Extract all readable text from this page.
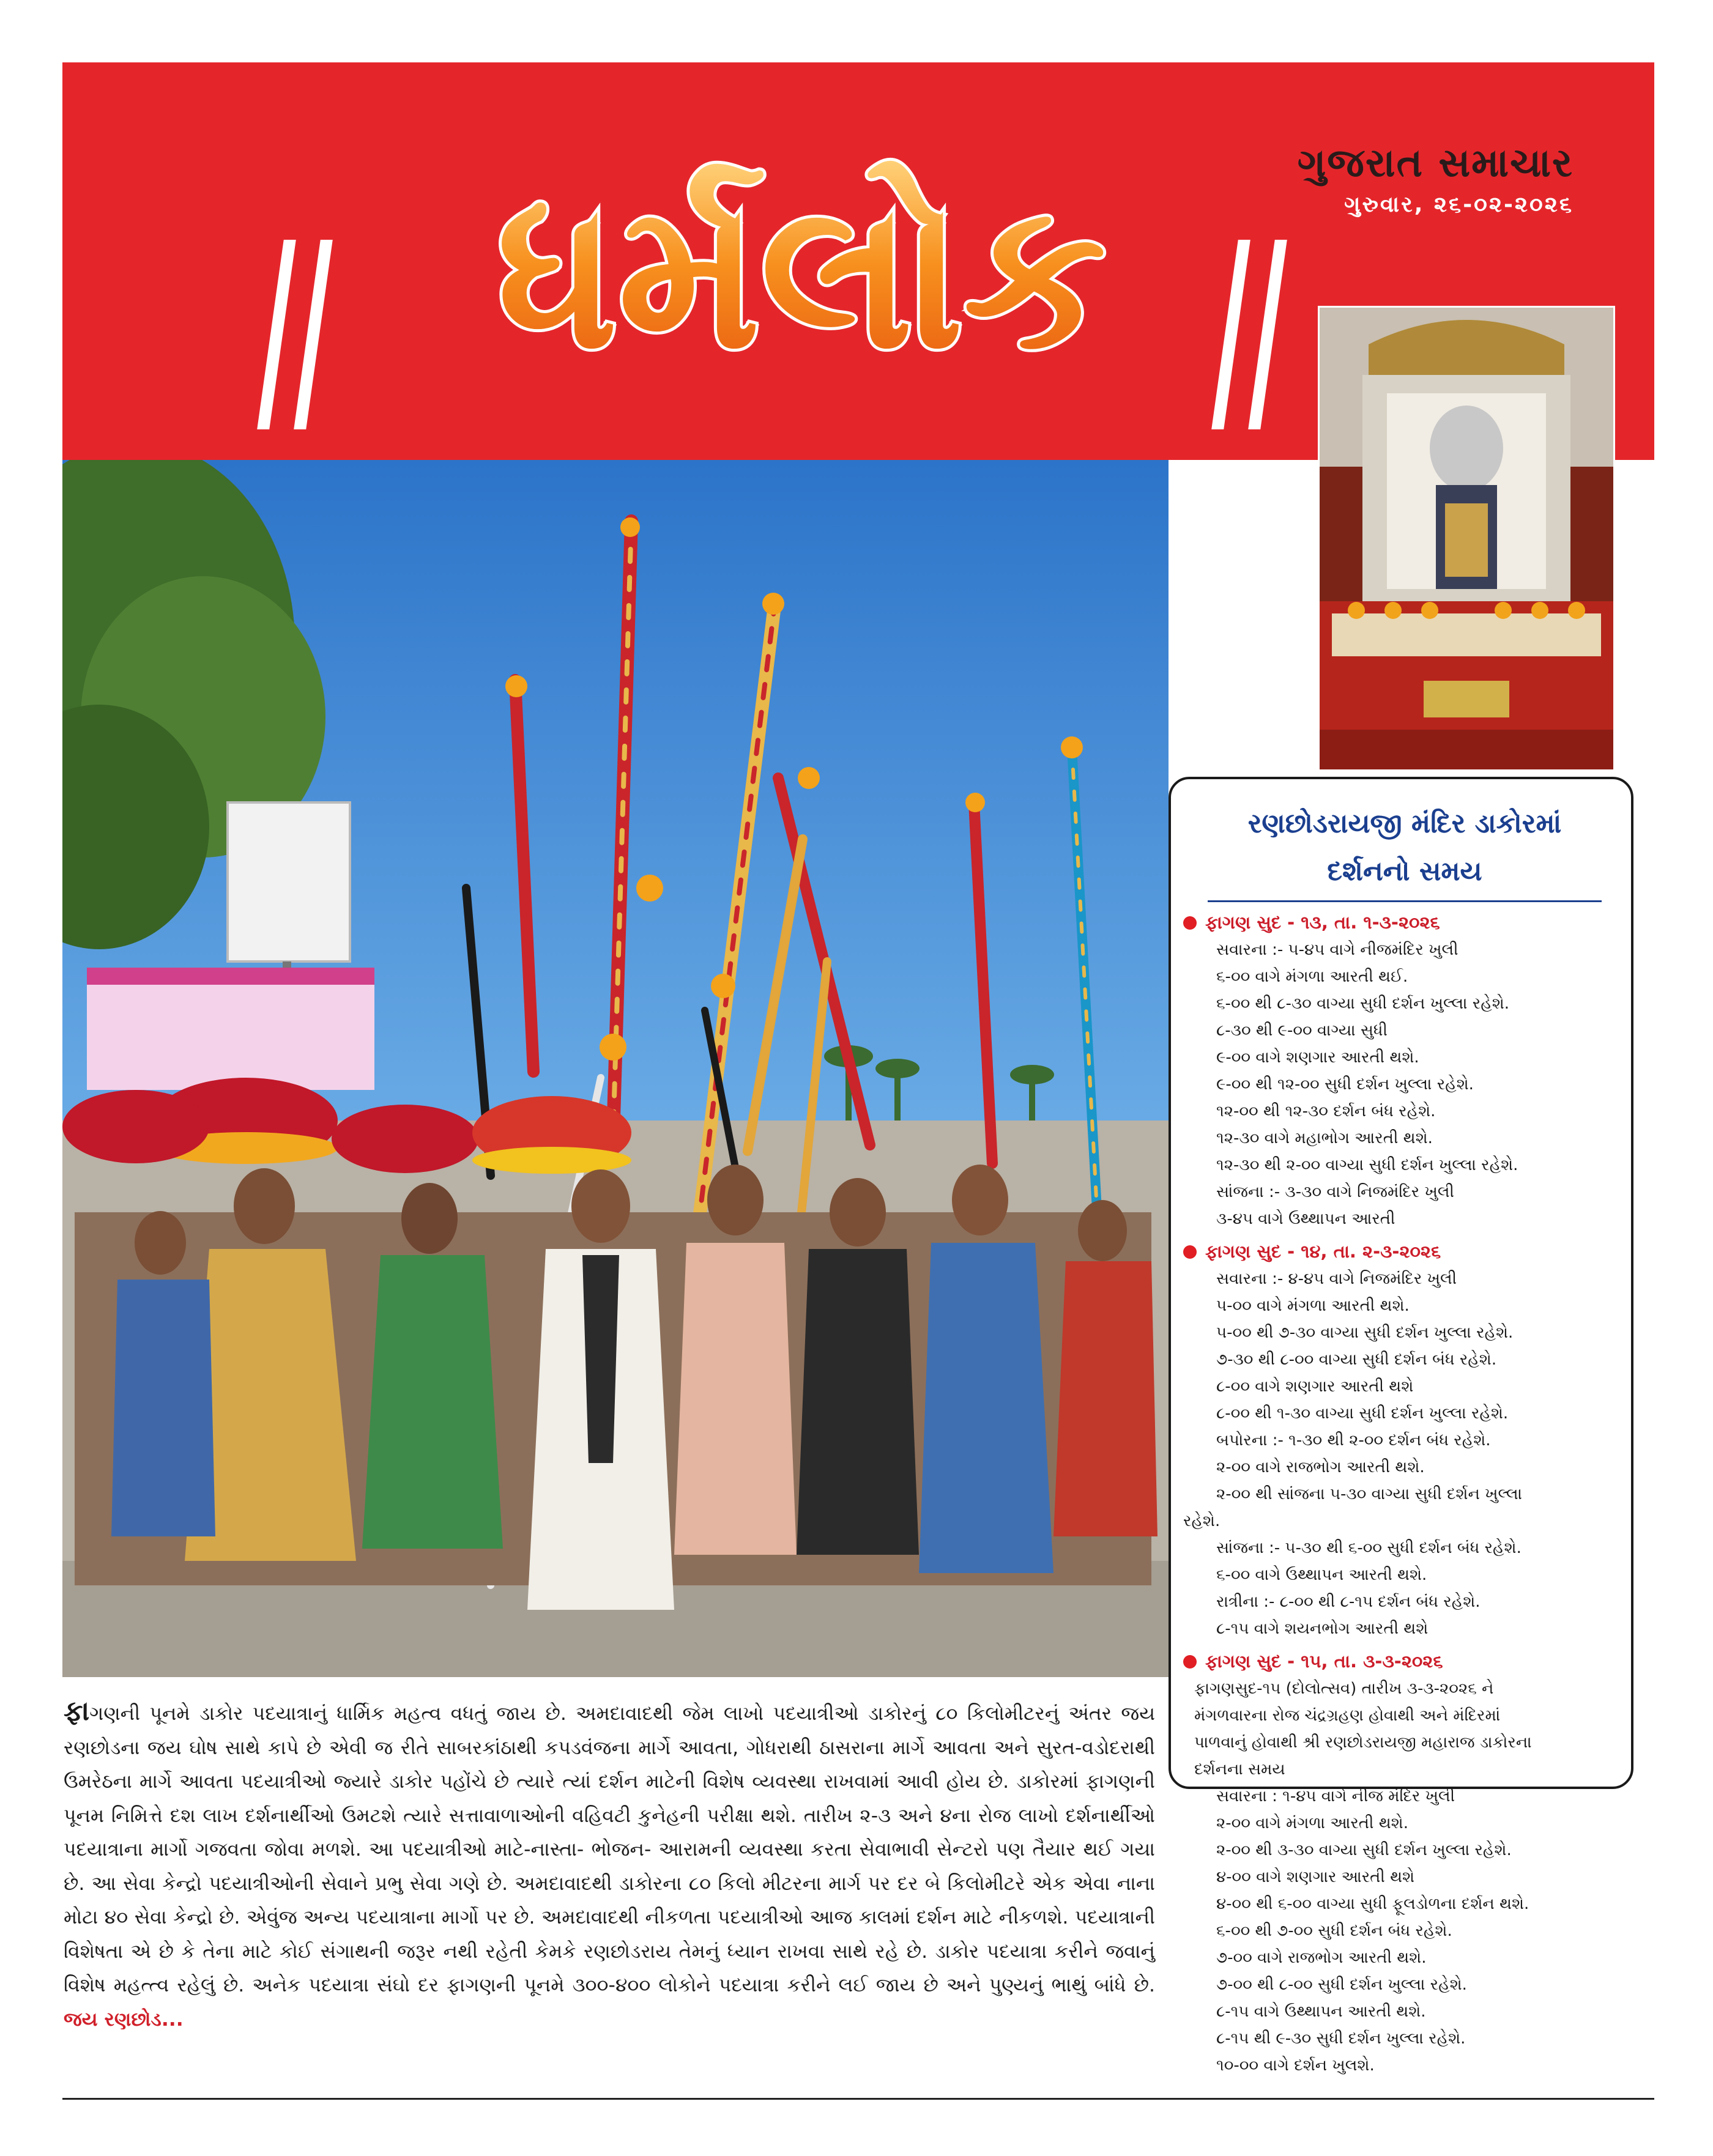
ગુજરાત સમાચાર
ગુરુવાર, ૨૬-૦૨-૨૦૨૬
ધર્મલોક
રણછોડરાયજી મંદિર ડાકોરમાં
દર્શનનો સમય
ફાગણ સુદ - ૧૩, તા. ૧-૩-૨૦૨૬
સવારના :- ૫-૪૫ વાગે નીજમંદિર ખુલી
૬-૦૦ વાગે મંગળા આરતી થઈ.
૬-૦૦ થી ૮-૩૦ વાગ્યા સુધી દર્શન ખુલ્લા રહેશે.
૮-૩૦ થી ૯-૦૦ વાગ્યા સુધી
૯-૦૦ વાગે શણગાર આરતી થશે.
૯-૦૦ થી ૧૨-૦૦ સુધી દર્શન ખુલ્લા રહેશે.
૧૨-૦૦ થી ૧૨-૩૦ દર્શન બંધ રહેશે.
૧૨-૩૦ વાગે મહાભોગ આરતી થશે.
૧૨-૩૦ થી ૨-૦૦ વાગ્યા સુધી દર્શન ખુલ્લા રહેશે.
સાંજના :- ૩-૩૦ વાગે નિજમંદિર ખુલી
૩-૪૫ વાગે ઉથ્થાપન આરતી
ફાગણ સુદ - ૧૪, તા. ૨-૩-૨૦૨૬
સવારના :- ૪-૪૫ વાગે નિજમંદિર ખુલી
૫-૦૦ વાગે મંગળા આરતી થશે.
૫-૦૦ થી ૭-૩૦ વાગ્યા સુધી દર્શન ખુલ્લા રહેશે.
૭-૩૦ થી ૮-૦૦ વાગ્યા સુધી દર્શન બંધ રહેશે.
૮-૦૦ વાગે શણગાર આરતી થશે
૮-૦૦ થી ૧-૩૦ વાગ્યા સુધી દર્શન ખુલ્લા રહેશે.
બપોરના :- ૧-૩૦ થી ૨-૦૦ દર્શન બંધ રહેશે.
૨-૦૦ વાગે રાજભોગ આરતી થશે.
૨-૦૦ થી સાંજના ૫-૩૦ વાગ્યા સુધી દર્શન ખુલ્લા
રહેશે.
સાંજના :- ૫-૩૦ થી ૬-૦૦ સુધી દર્શન બંધ રહેશે.
૬-૦૦ વાગે ઉથ્થાપન આરતી થશે.
રાત્રીના :- ૮-૦૦ થી ૮-૧૫ દર્શન બંધ રહેશે.
૮-૧૫ વાગે શયનભોગ આરતી થશે
ફાગણ સુદ - ૧૫, તા. ૩-૩-૨૦૨૬
ફાગણસુદ-૧૫ (દોલોત્સવ) તારીખ ૩-૩-૨૦૨૬ ને
મંગળવારના રોજ ચંદ્રગ્રહણ હોવાથી અને મંદિરમાં
પાળવાનું હોવાથી શ્રી રણછોડરાયજી મહારાજ ડાકોરના
દર્શનના સમય
સવારના : ૧-૪૫ વાગે નીજ મંદિર ખુલી
૨-૦૦ વાગે મંગળા આરતી થશે.
૨-૦૦ થી ૩-૩૦ વાગ્યા સુધી દર્શન ખુલ્લા રહેશે.
૪-૦૦ વાગે શણગાર આરતી થશે
૪-૦૦ થી ૬-૦૦ વાગ્યા સુધી ફૂલડોળના દર્શન થશે.
૬-૦૦ થી ૭-૦૦ સુધી દર્શન બંધ રહેશે.
૭-૦૦ વાગે રાજભોગ આરતી થશે.
૭-૦૦ થી ૮-૦૦ સુધી દર્શન ખુલ્લા રહેશે.
૮-૧૫ વાગે ઉથ્થાપન આરતી થશે.
૮-૧૫ થી ૯-૩૦ સુધી દર્શન ખુલ્લા રહેશે.
૧૦-૦૦ વાગે દર્શન ખુલશે.
ફાગણની પૂનમે ડાકોર પદયાત્રાનું ધાર્મિક મહત્વ વધતું જાય છે. અમદાવાદથી જેમ લાખો પદયાત્રીઓ ડાકોરનું ૮૦ કિલોમીટરનું અંતર જય રણછોડના જય ઘોષ સાથે કાપે છે એવી જ રીતે સાબરકાંઠાથી કપડવંજના માર્ગે આવતા, ગોધરાથી ઠાસરાના માર્ગે આવતા અને સુરત-વડોદરાથી ઉમરેઠના માર્ગે આવતા પદયાત્રીઓ જ્યારે ડાકોર પહોંચે છે ત્યારે ત્યાં દર્શન માટેની વિશેષ વ્યવસ્થા રાખવામાં આવી હોય છે. ડાકોરમાં ફાગણની પૂનમ નિમિત્તે દશ લાખ દર્શનાર્થીઓ ઉમટશે ત્યારે સત્તાવાળાઓની વહિવટી કુનેહની પરીક્ષા થશે. તારીખ ૨-૩ અને ૪ના રોજ લાખો દર્શનાર્થીઓ પદયાત્રાના માર્ગો ગજવતા જોવા મળશે. આ પદયાત્રીઓ માટે-નાસ્તા- ભોજન- આરામની વ્યવસ્થા કરતા સેવાભાવી સેન્ટરો પણ તૈયાર થઈ ગયા છે. આ સેવા કેન્દ્રો પદયાત્રીઓની સેવાને પ્રભુ સેવા ગણે છે. અમદાવાદથી ડાકોરના ૮૦ કિલો મીટરના માર્ગ પર દર બે કિલોમીટરે એક એવા નાના મોટા ૪૦ સેવા કેન્દ્રો છે. એવુંજ અન્ય પદયાત્રાના માર્ગો પર છે. અમદાવાદથી નીકળતા પદયાત્રીઓ આજ કાલમાં દર્શન માટે નીકળશે. પદયાત્રાની વિશેષતા એ છે કે તેના માટે કોઈ સંગાથની જરૂર નથી રહેતી કેમકે રણછોડરાય તેમનું ધ્યાન રાખવા સાથે રહે છે. ડાકોર પદયાત્રા કરીને જવાનું વિશેષ મહત્ત્વ રહેલું છે. અનેક પદયાત્રા સંઘો દર ફાગણની પૂનમે ૩૦૦-૪૦૦ લોકોને પદયાત્રા કરીને લઈ જાય છે અને પુણ્યનું ભાથું બાંધે છે. જય રણછોડ...
